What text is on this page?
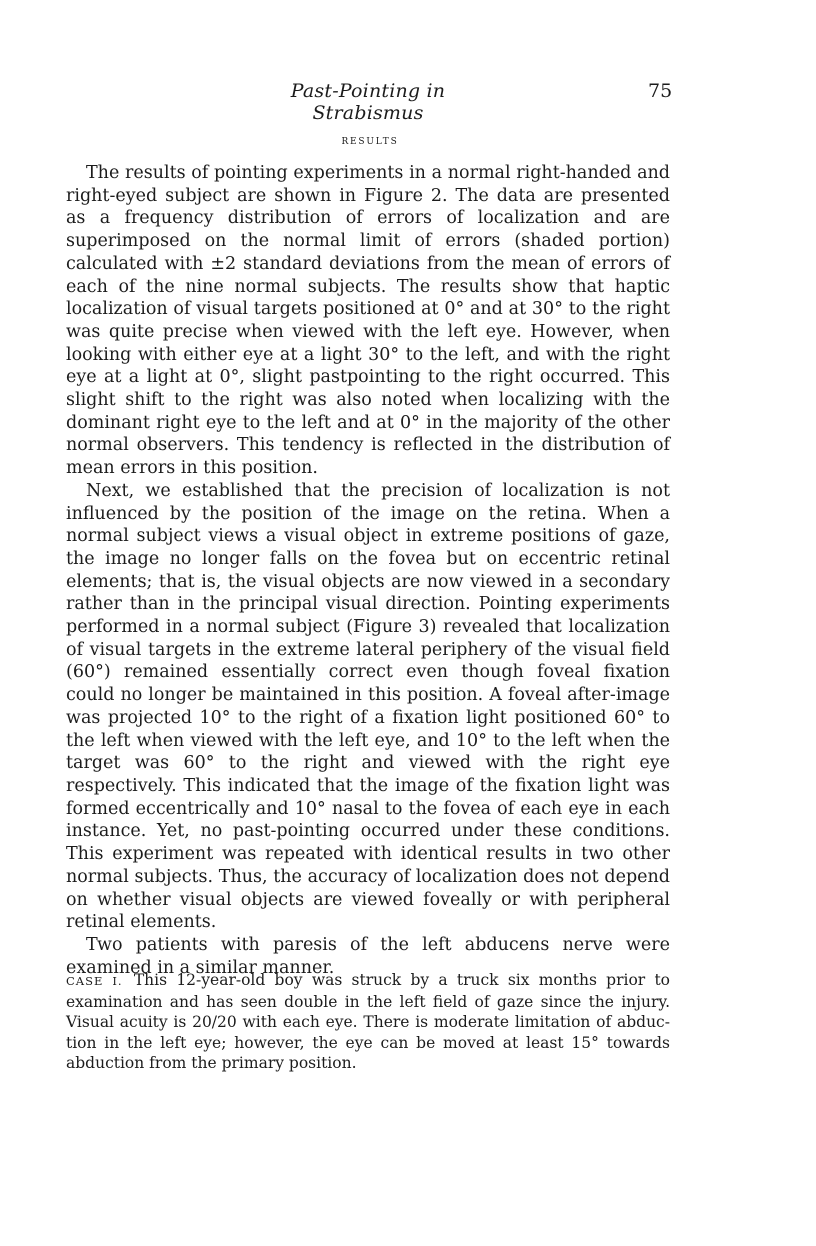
Past-Pointing in Strabismus
75
results

The results of pointing experiments in a normal right-handed and right-eyed subject are shown in Figure 2. The data are presented as a frequency distribution of errors of localization and are superimposed on the normal limit of errors (shaded portion) calculated with ±2 standard deviations from the mean of errors of each of the nine normal subjects. The results show that haptic localization of visual targets positioned at 0° and at 30° to the right was quite precise when viewed with the left eye. However, when looking with either eye at a light 30° to the left, and with the right eye at a light at 0°, slight pastpointing to the right occurred. This slight shift to the right was also noted when localizing with the dominant right eye to the left and at 0° in the majority of the other normal observers. This tendency is reflected in the distribution of mean errors in this position.

Next, we established that the precision of localization is not influenced by the position of the image on the retina. When a normal subject views a visual object in extreme positions of gaze, the image no longer falls on the fovea but on eccentric retinal elements; that is, the visual objects are now viewed in a secondary rather than in the principal visual direction. Pointing experiments performed in a normal subject (Figure 3) revealed that localization of visual targets in the extreme lateral periphery of the visual field (60°) remained essentially correct even though foveal fixation could no longer be maintained in this position. A foveal after-image was projected 10° to the right of a fixation light positioned 60° to the left when viewed with the left eye, and 10° to the left when the target was 60° to the right and viewed with the right eye respectively. This indicated that the image of the fixation light was formed eccentrically and 10° nasal to the fovea of each eye in each instance. Yet, no past-pointing occurred under these conditions. This experiment was repeated with identical results in two other normal subjects. Thus, the accuracy of localization does not depend on whether visual objects are viewed foveally or with peripheral retinal elements.

Two patients with paresis of the left abducens nerve were examined in a similar manner.

CASE I. This 12-year-old boy was struck by a truck six months prior to examination and has seen double in the left field of gaze since the injury. Visual acuity is 20/20 with each eye. There is moderate limitation of abduction in the left eye; however, the eye can be moved at least 15° towards abduction from the primary position.
